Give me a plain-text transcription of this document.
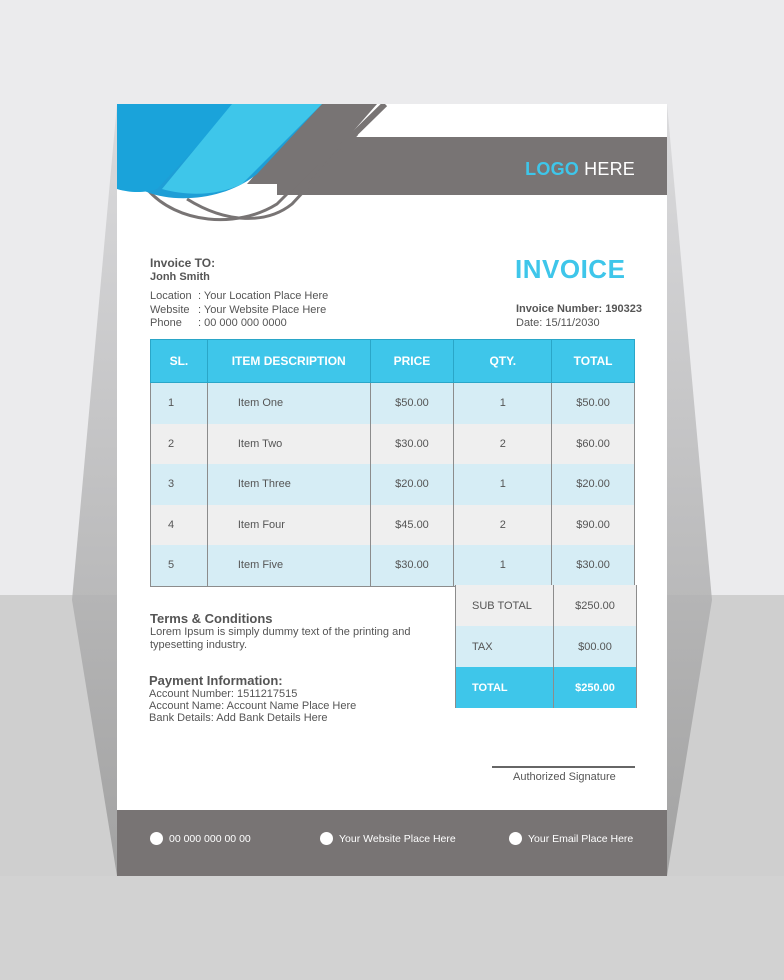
LOGO HERE
Invoice TO:
Jonh Smith
Location : Your Location Place Here
Website : Your Website Place Here
Phone	: 00 000 000 0000
INVOICE
Invoice Number: 190323
Date: 15/11/2030
SL.	ITEM DESCRIPTION	PRICE	QTY.	TOTAL
1	Item One	$50.00	1	$50.00
2	Item Two	$30.00	2	$60.00
3	Item Three	$20.00	1	$20.00
4	Item Four	$45.00	2	$90.00
5	Item Five	$30.00	1	$30.00
Terms & Conditions
Lorem Ipsum is simply dummy text of the printing and typesetting industry.
Payment Information:
Account Number: 1511217515
Account Name: Account Name Place Here
Bank Details: Add Bank Details Here
SUB TOTAL	$250.00
TAX	$00.00
TOTAL	$250.00
Authorized Signature
00 000 000 00 00	Your Website Place Here	Your Email Place Here
